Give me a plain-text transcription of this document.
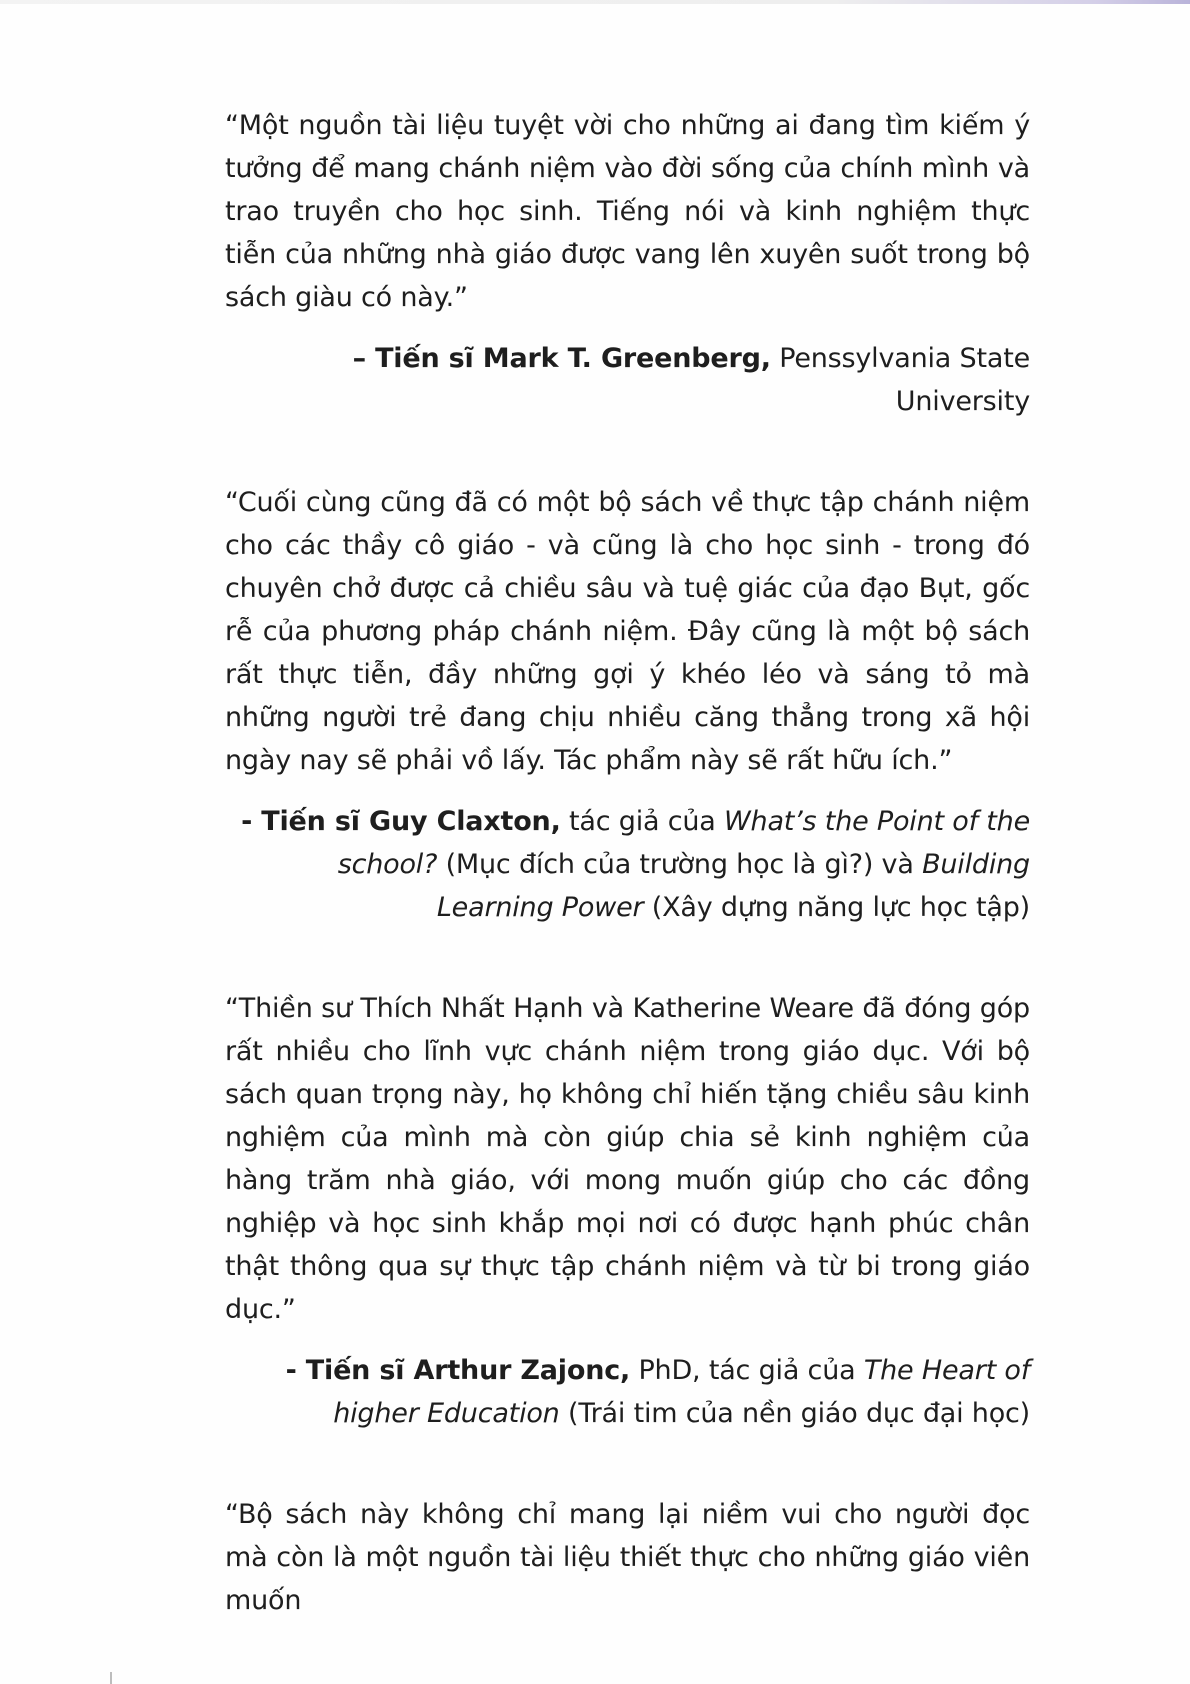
“Một nguồn tài liệu tuyệt vời cho những ai đang tìm kiếm ý tưởng để mang chánh niệm vào đời sống của chính mình và trao truyền cho học sinh. Tiếng nói và kinh nghiệm thực tiễn của những nhà giáo được vang lên xuyên suốt trong bộ sách giàu có này.”

– Tiến sĩ Mark T. Greenberg, Penssylvania State University

“Cuối cùng cũng đã có một bộ sách về thực tập chánh niệm cho các thầy cô giáo - và cũng là cho học sinh - trong đó chuyên chở được cả chiều sâu và tuệ giác của đạo Bụt, gốc rễ của phương pháp chánh niệm. Đây cũng là một bộ sách rất thực tiễn, đầy những gợi ý khéo léo và sáng tỏ mà những người trẻ đang chịu nhiều căng thẳng trong xã hội ngày nay sẽ phải vồ lấy. Tác phẩm này sẽ rất hữu ích.”

- Tiến sĩ Guy Claxton, tác giả của What’s the Point of the school? (Mục đích của trường học là gì?) và Building Learning Power (Xây dựng năng lực học tập)

“Thiền sư Thích Nhất Hạnh và Katherine Weare đã đóng góp rất nhiều cho lĩnh vực chánh niệm trong giáo dục. Với bộ sách quan trọng này, họ không chỉ hiến tặng chiều sâu kinh nghiệm của mình mà còn giúp chia sẻ kinh nghiệm của hàng trăm nhà giáo, với mong muốn giúp cho các đồng nghiệp và học sinh khắp mọi nơi có được hạnh phúc chân thật thông qua sự thực tập chánh niệm và từ bi trong giáo dục.”

- Tiến sĩ Arthur Zajonc, PhD, tác giả của The Heart of higher Education (Trái tim của nền giáo dục đại học)

“Bộ sách này không chỉ mang lại niềm vui cho người đọc mà còn là một nguồn tài liệu thiết thực cho những giáo viên muốn
